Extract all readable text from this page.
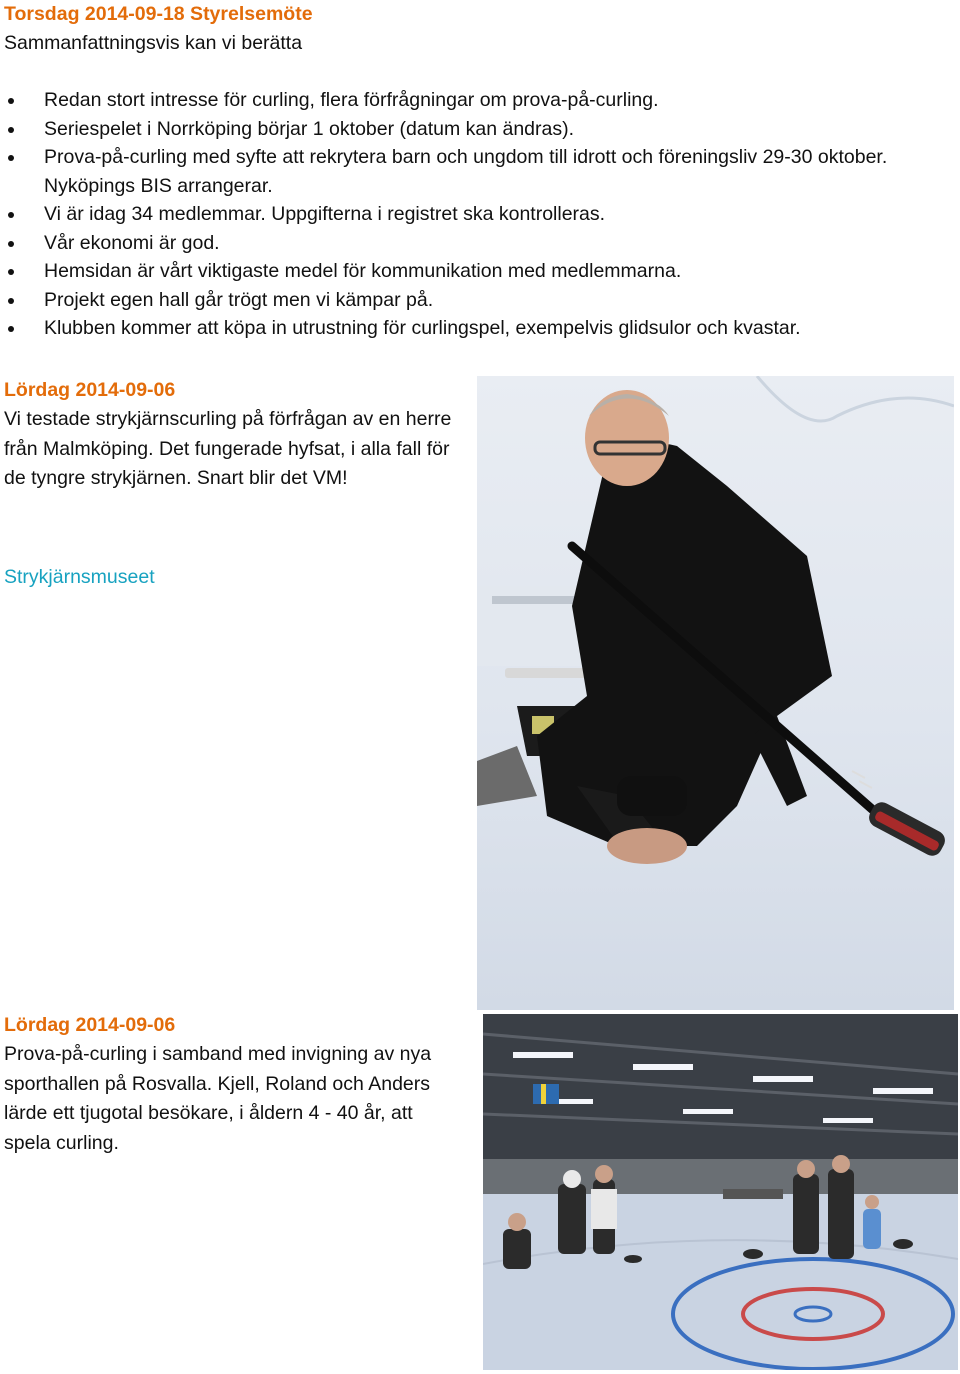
Torsdag 2014-09-18 Styrelsemöte

Sammanfattningsvis kan vi berätta

Redan stort intresse för curling, flera förfrågningar om prova-på-curling.
Seriespelet i Norrköping börjar 1 oktober (datum kan ändras).
Prova-på-curling med syfte att rekrytera barn och ungdom till idrott och föreningsliv 29-30 oktober. Nyköpings BIS arrangerar.
Vi är idag 34 medlemmar. Uppgifterna i registret ska kontrolleras.
Vår ekonomi är god.
Hemsidan är vårt viktigaste medel för kommunikation med medlemmarna.
Projekt egen hall går trögt men vi kämpar på.
Klubben kommer att köpa in utrustning för curlingspel, exempelvis glidsulor och kvastar.

Lördag 2014-09-06

Vi testade strykjärnscurling på förfrågan av en herre från Malmköping. Det fungerade hyfsat, i alla fall för de tyngre strykjärnen. Snart blir det VM!

Strykjärnsmuseet

Lördag 2014-09-06

Prova-på-curling i samband med invigning av nya sporthallen på Rosvalla. Kjell, Roland och Anders lärde ett tjugotal besökare, i åldern 4 - 40 år, att spela curling.
